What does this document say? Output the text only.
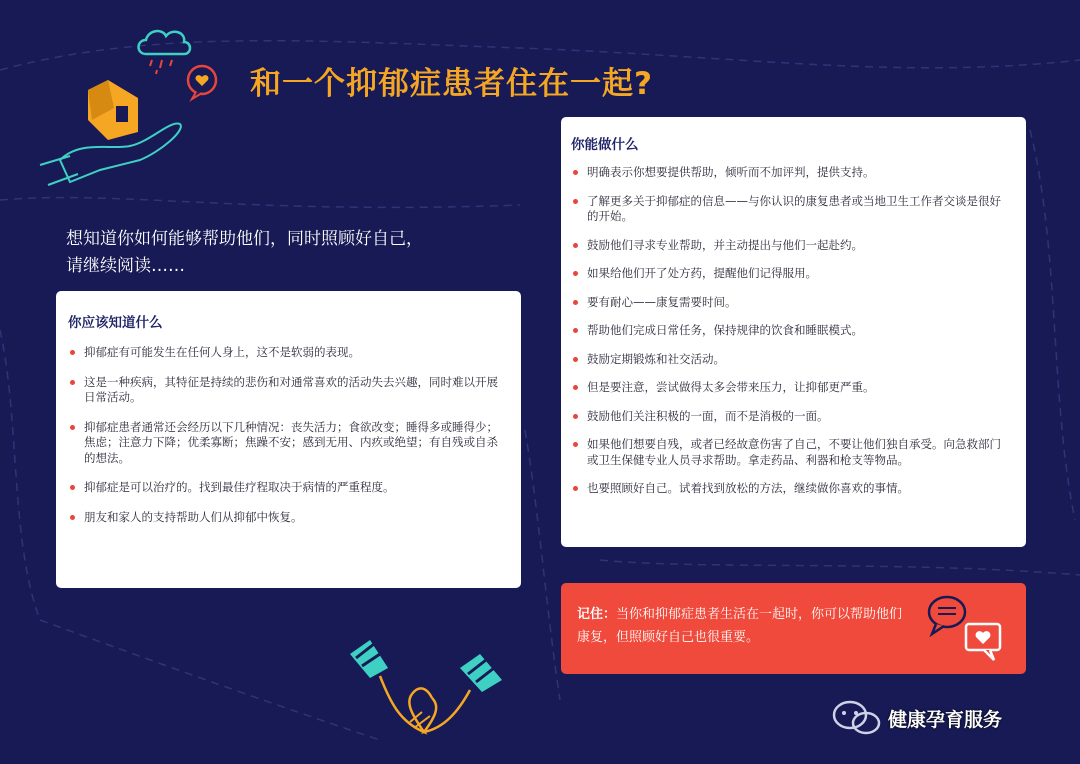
和一个抑郁症患者住在一起?
想知道你如何能够帮助他们，同时照顾好自己，
请继续阅读……
你应该知道什么
抑郁症有可能发生在任何人身上，这不是软弱的表现。
这是一种疾病，其特征是持续的悲伤和对通常喜欢的活动失去兴趣，同时难以开展日常活动。
抑郁症患者通常还会经历以下几种情况：丧失活力；食欲改变；睡得多或睡得少；焦虑；注意力下降；优柔寡断；焦躁不安；感到无用、内疚或绝望；有自残或自杀的想法。
抑郁症是可以治疗的。找到最佳疗程取决于病情的严重程度。
朋友和家人的支持帮助人们从抑郁中恢复。
你能做什么
明确表示你想要提供帮助，倾听而不加评判，提供支持。
了解更多关于抑郁症的信息——与你认识的康复患者或当地卫生工作者交谈是很好的开始。
鼓励他们寻求专业帮助，并主动提出与他们一起赴约。
如果给他们开了处方药，提醒他们记得服用。
要有耐心——康复需要时间。
帮助他们完成日常任务，保持规律的饮食和睡眠模式。
鼓励定期锻炼和社交活动。
但是要注意，尝试做得太多会带来压力，让抑郁更严重。
鼓励他们关注积极的一面，而不是消极的一面。
如果他们想要自残，或者已经故意伤害了自己，不要让他们独自承受。向急救部门或卫生保健专业人员寻求帮助。拿走药品、利器和枪支等物品。
也要照顾好自己。试着找到放松的方法，继续做你喜欢的事情。
记住：当你和抑郁症患者生活在一起时，你可以帮助他们康复，但照顾好自己也很重要。
健康孕育服务
